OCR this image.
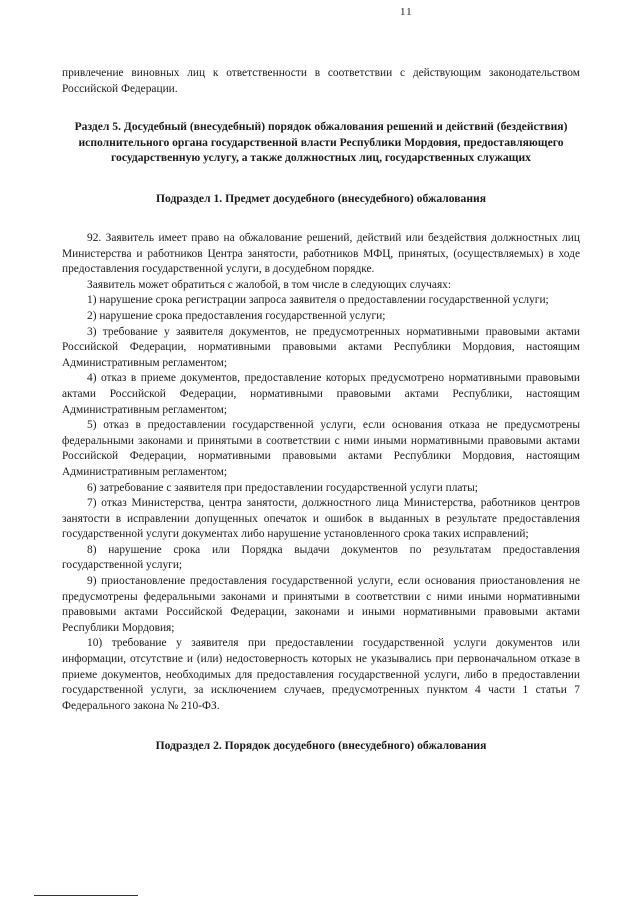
11

привлечение виновных лиц к ответственности в соответствии с действующим законодательством Российской Федерации.

Раздел 5. Досудебный (внесудебный) порядок обжалования решений и действий (бездействия) исполнительного органа государственной власти Республики Мордовия, предоставляющего государственную услугу, а также должностных лиц, государственных служащих

Подраздел 1. Предмет досудебного (внесудебного) обжалования

92. Заявитель имеет право на обжалование решений, действий или бездействия должностных лиц Министерства и работников Центра занятости, работников МФЦ, принятых, (осуществляемых) в ходе предоставления государственной услуги, в досудебном порядке.

Заявитель может обратиться с жалобой, в том числе в следующих случаях:

1) нарушение срока регистрации запроса заявителя о предоставлении государственной услуги;

2) нарушение срока предоставления государственной услуги;

3) требование у заявителя документов, не предусмотренных нормативными правовыми актами Российской Федерации, нормативными правовыми актами Республики Мордовия, настоящим Административным регламентом;

4) отказ в приеме документов, предоставление которых предусмотрено нормативными правовыми актами Российской Федерации, нормативными правовыми актами Республики, настоящим Административным регламентом;

5) отказ в предоставлении государственной услуги, если основания отказа не предусмотрены федеральными законами и принятыми в соответствии с ними иными нормативными правовыми актами Российской Федерации, нормативными правовыми актами Республики Мордовия, настоящим Административным регламентом;

6) затребование с заявителя при предоставлении государственной услуги платы;

7) отказ Министерства, центра занятости, должностного лица Министерства, работников центров занятости в исправлении допущенных опечаток и ошибок в выданных в результате предоставления государственной услуги документах либо нарушение установленного срока таких исправлений;

8) нарушение срока или Порядка выдачи документов по результатам предоставления государственной услуги;

9) приостановление предоставления государственной услуги, если основания приостановления не предусмотрены федеральными законами и принятыми в соответствии с ними иными нормативными правовыми актами Российской Федерации, законами и иными нормативными правовыми актами Республики Мордовия;

10) требование у заявителя при предоставлении государственной услуги документов или информации, отсутствие и (или) недостоверность которых не указывались при первоначальном отказе в приеме документов, необходимых для предоставления государственной услуги, либо в предоставлении государственной услуги, за исключением случаев, предусмотренных пунктом 4 части 1 статьи 7 Федерального закона № 210-ФЗ.

Подраздел 2. Порядок досудебного (внесудебного) обжалования
